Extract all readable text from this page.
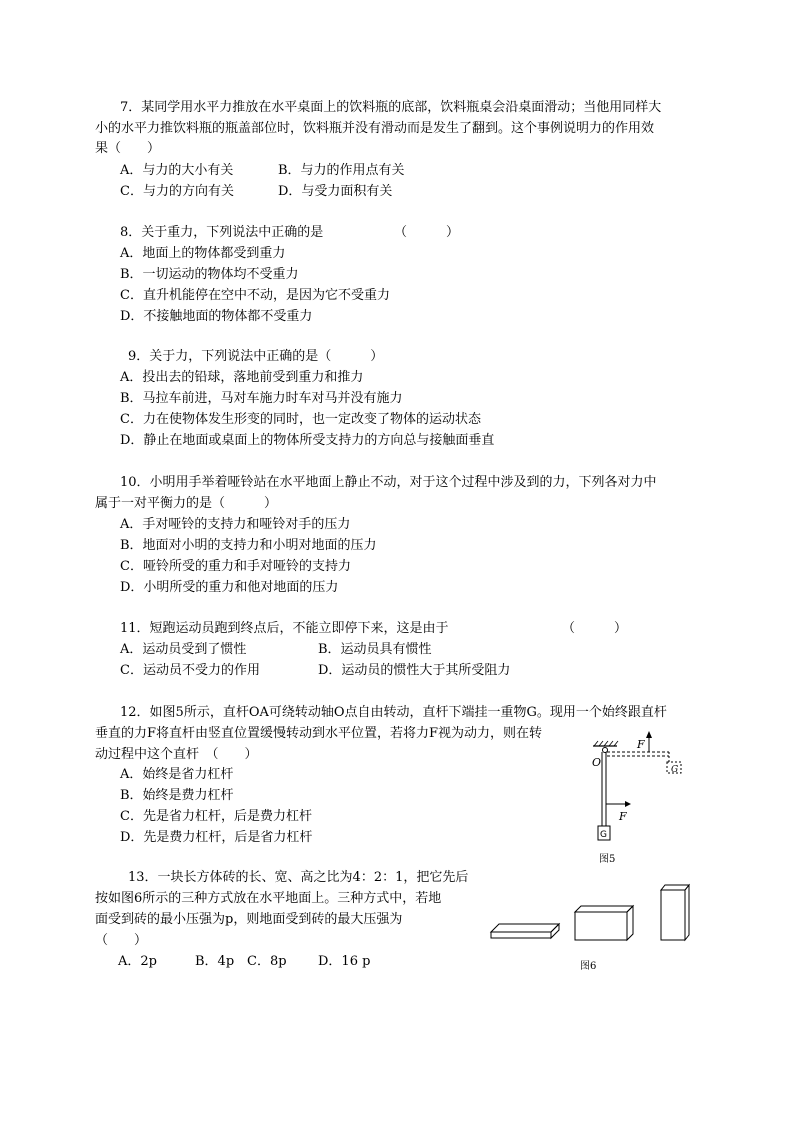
7．某同学用水平力推放在水平桌面上的饮料瓶的底部，饮料瓶桌会沿桌面滑动；当他用同样大
小的水平力推饮料瓶的瓶盖部位时，饮料瓶并没有滑动而是发生了翻到。这个事例说明力的作用效
果（　　）
A．与力的大小有关	B．与力的作用点有关
C．与力的方向有关	D．与受力面积有关
8．关于重力，下列说法中正确的是	（　　　）
A．地面上的物体都受到重力
B．一切运动的物体均不受重力
C．直升机能停在空中不动，是因为它不受重力
D．不接触地面的物体都不受重力
9．关于力，下列说法中正确的是（　　　）
A．投出去的铅球，落地前受到重力和推力
B．马拉车前进，马对车施力时车对马并没有施力
C．力在使物体发生形变的同时，也一定改变了物体的运动状态
D．静止在地面或桌面上的物体所受支持力的方向总与接触面垂直
10．小明用手举着哑铃站在水平地面上静止不动，对于这个过程中涉及到的力，下列各对力中
属于一对平衡力的是（　　　）
A．手对哑铃的支持力和哑铃对手的压力
B．地面对小明的支持力和小明对地面的压力
C．哑铃所受的重力和手对哑铃的支持力
D．小明所受的重力和他对地面的压力
11．短跑运动员跑到终点后，不能立即停下来，这是由于	（　　　）
A．运动员受到了惯性	B．运动员具有惯性
C．运动员不受力的作用	D．运动员的惯性大于其所受阻力
12．如图5所示，直杆OA可绕转动轴O点自由转动，直杆下端挂一重物G。现用一个始终跟直杆
垂直的力F将直杆由竖直位置缓慢转动到水平位置，若将力F视为动力，则在转
动过程中这个直杆　（　　）
A．始终是省力杠杆
B．始终是费力杠杆
C．先是省力杠杆，后是费力杠杆
D．先是费力杠杆，后是省力杠杆	G
F
G
F
O
图5
13．一块长方体砖的长、宽、高之比为4：2：1，把它先后
按如图6所示的三种方式放在水平地面上。三种方式中，若地
面受到砖的最小压强为p，则地面受到砖的最大压强为
（　　）
A．2p	B．4p C．8p D．16 p	图6
